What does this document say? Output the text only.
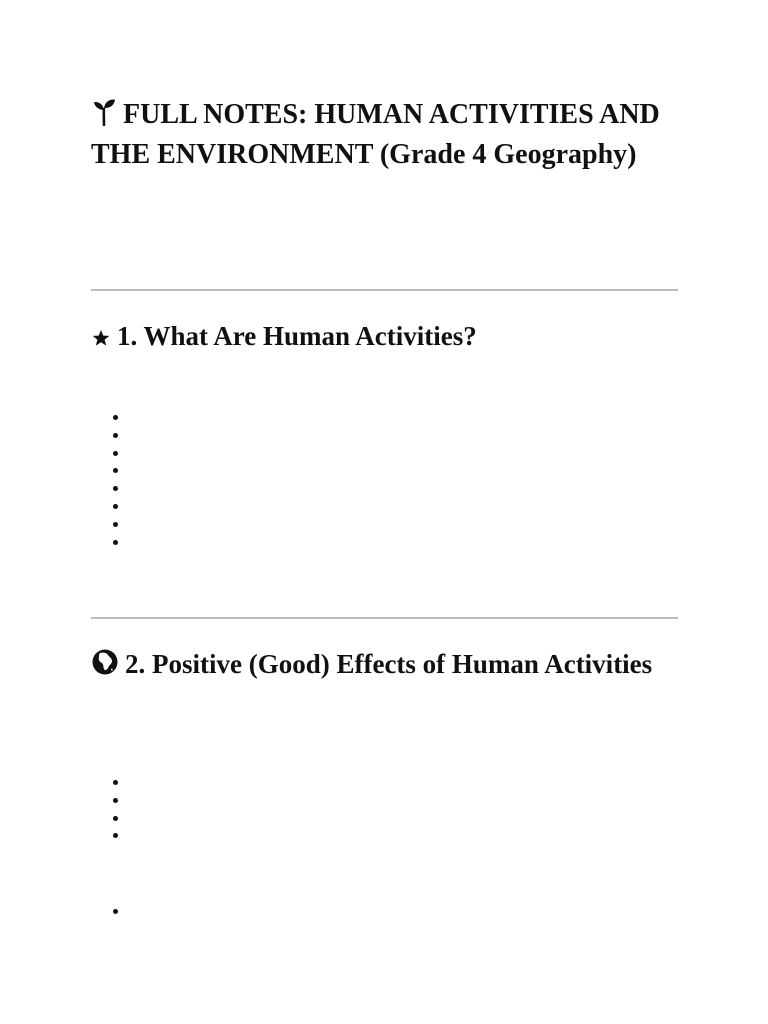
FULL NOTES: HUMAN ACTIVITIES AND THE ENVIRONMENT (Grade 4 Geography)
1. What Are Human Activities?
2. Positive (Good) Effects of Human Activities
